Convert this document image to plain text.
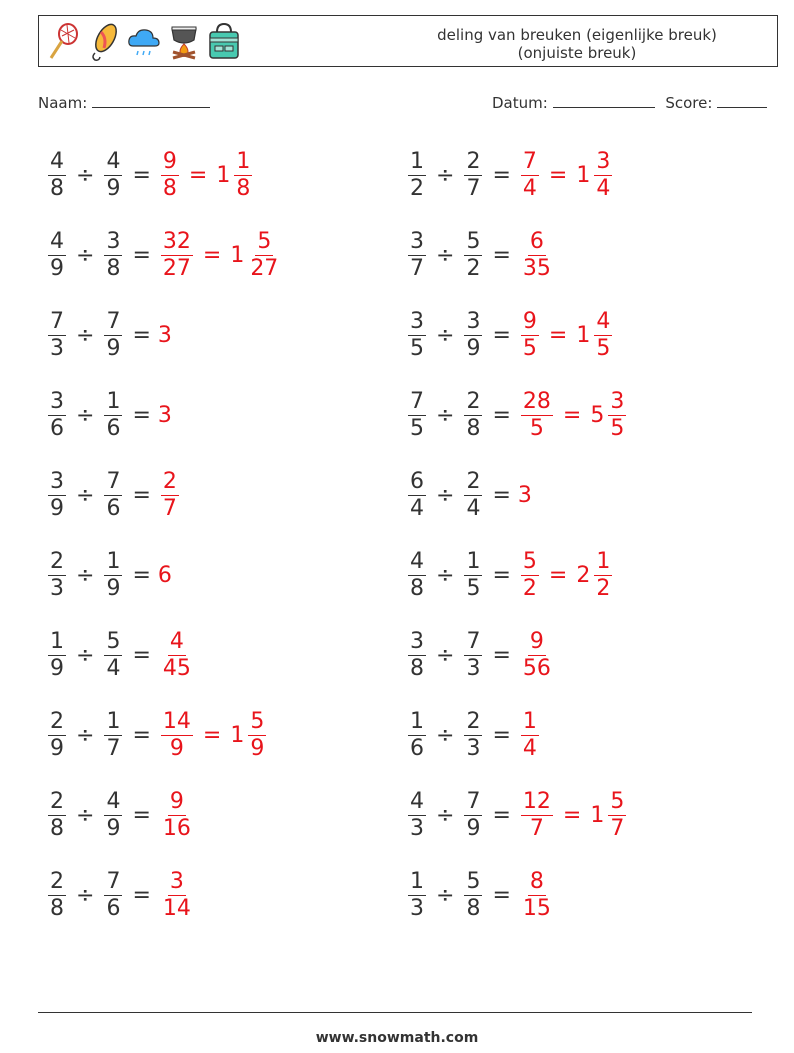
deling van breuken (eigenlijke breuk)
(onjuiste breuk)
Naam:	Datum:	Score:
$\frac{4}{8} \div \frac{4}{9} = \frac{9}{8} = 1 \frac{1}{8}$	$\frac{1}{2} \div \frac{2}{7} = \frac{7}{4} = 1 \frac{3}{4}$
$\frac{4}{9} \div \frac{3}{8} = \frac{32}{27} = 1 \frac{5}{27}$	$\frac{3}{7} \div \frac{5}{2} = \frac{6}{35}$
$\frac{7}{3} \div \frac{7}{9} = 3$	$\frac{3}{5} \div \frac{3}{9} = \frac{9}{5} = 1 \frac{4}{5}$
$\frac{3}{6} \div \frac{1}{6} = 3$	$\frac{7}{5} \div \frac{2}{8} = \frac{28}{5} = 5 \frac{3}{5}$
$\frac{3}{9} \div \frac{7}{6} = \frac{2}{7}$	$\frac{6}{4} \div \frac{2}{4} = 3$
$\frac{2}{3} \div \frac{1}{9} = 6$	$\frac{4}{8} \div \frac{1}{5} = \frac{5}{2} = 2 \frac{1}{2}$
$\frac{1}{9} \div \frac{5}{4} = \frac{4}{45}$	$\frac{3}{8} \div \frac{7}{3} = \frac{9}{56}$
$\frac{2}{9} \div \frac{1}{7} = \frac{14}{9} = 1 \frac{5}{9}$	$\frac{1}{6} \div \frac{2}{3} = \frac{1}{4}$
$\frac{2}{8} \div \frac{4}{9} = \frac{9}{16}$	$\frac{4}{3} \div \frac{7}{9} = \frac{12}{7} = 1 \frac{5}{7}$
$\frac{2}{8} \div \frac{7}{6} = \frac{3}{14}$	$\frac{1}{3} \div \frac{5}{8} = \frac{8}{15}$
www.snowmath.com
